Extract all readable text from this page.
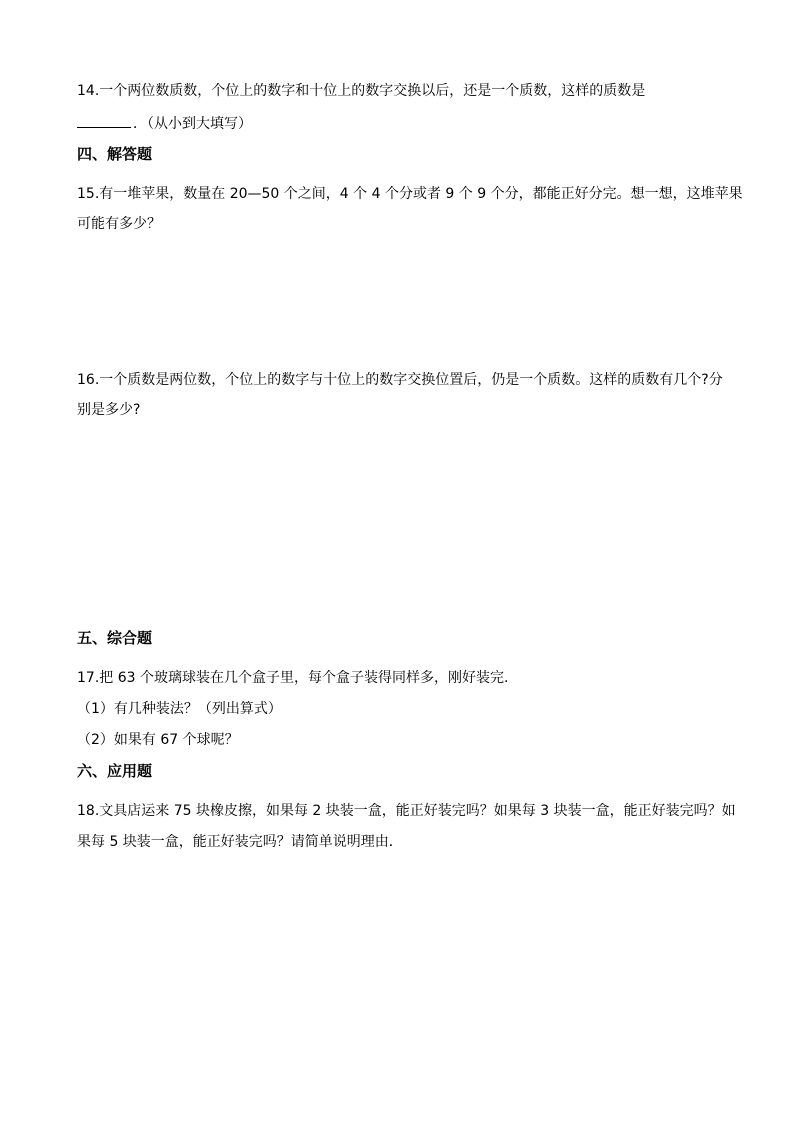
14.一个两位数质数，个位上的数字和十位上的数字交换以后，还是一个质数，这样的质数是
．（从小到大填写）
四、解答题
15.有一堆苹果，数量在 20—50 个之间，4 个 4 个分或者 9 个 9 个分，都能正好分完。想一想，这堆苹果
可能有多少？
16.一个质数是两位数，个位上的数字与十位上的数字交换位置后，仍是一个质数。这样的质数有几个?分
别是多少?
五、综合题
17.把 63 个玻璃球装在几个盒子里，每个盒子装得同样多，刚好装完.
（1）有几种装法？（列出算式）
（2）如果有 67 个球呢？
六、应用题
18.文具店运来 75 块橡皮擦，如果每 2 块装一盒，能正好装完吗？如果每 3 块装一盒，能正好装完吗？如
果每 5 块装一盒，能正好装完吗？请简单说明理由．
